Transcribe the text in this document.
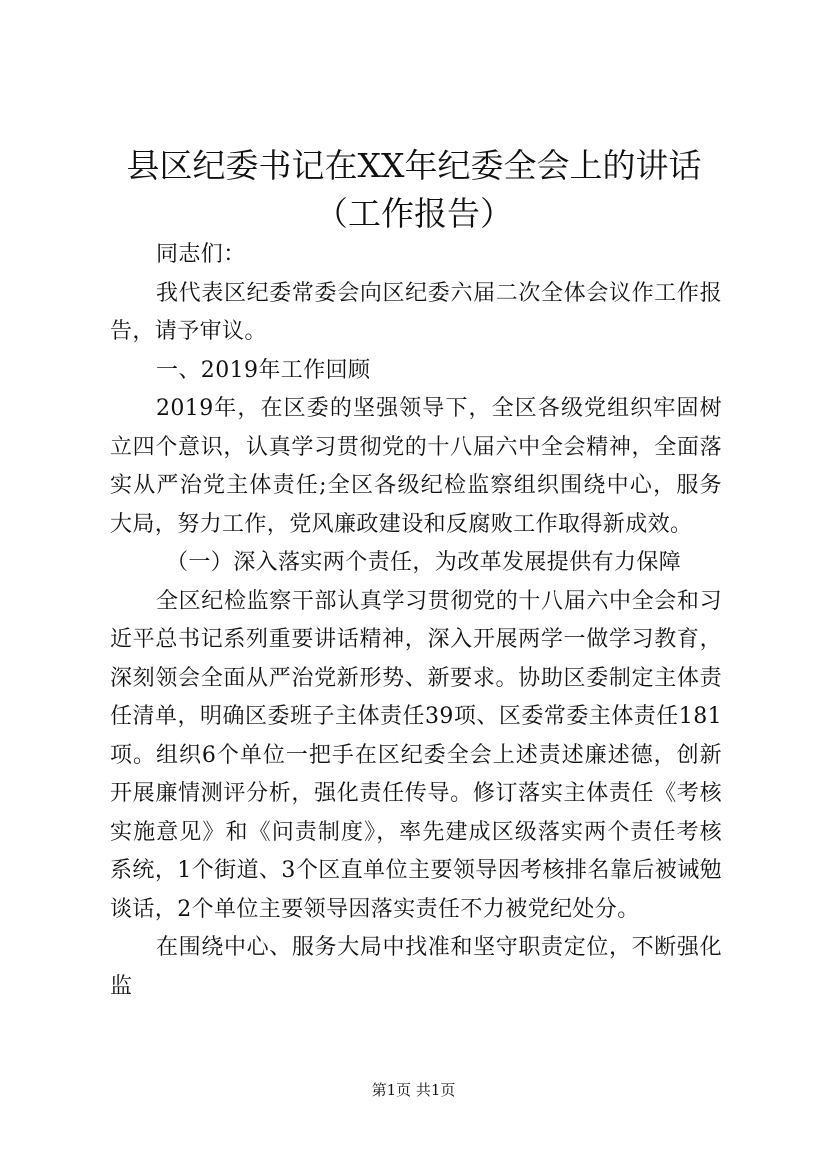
县区纪委书记在XX年纪委全会上的讲话（工作报告）

同志们：

我代表区纪委常委会向区纪委六届二次全体会议作工作报告，请予审议。

一、2019年工作回顾

2019年，在区委的坚强领导下，全区各级党组织牢固树立四个意识，认真学习贯彻党的十八届六中全会精神，全面落实从严治党主体责任;全区各级纪检监察组织围绕中心，服务大局，努力工作，党风廉政建设和反腐败工作取得新成效。

（一）深入落实两个责任，为改革发展提供有力保障

全区纪检监察干部认真学习贯彻党的十八届六中全会和习近平总书记系列重要讲话精神，深入开展两学一做学习教育，深刻领会全面从严治党新形势、新要求。协助区委制定主体责任清单，明确区委班子主体责任39项、区委常委主体责任181项。组织6个单位一把手在区纪委全会上述责述廉述德，创新开展廉情测评分析，强化责任传导。修订落实主体责任《考核实施意见》和《问责制度》，率先建成区级落实两个责任考核系统，1个街道、3个区直单位主要领导因考核排名靠后被诫勉谈话，2个单位主要领导因落实责任不力被党纪处分。

在围绕中心、服务大局中找准和坚守职责定位，不断强化监

第1页 共1页
